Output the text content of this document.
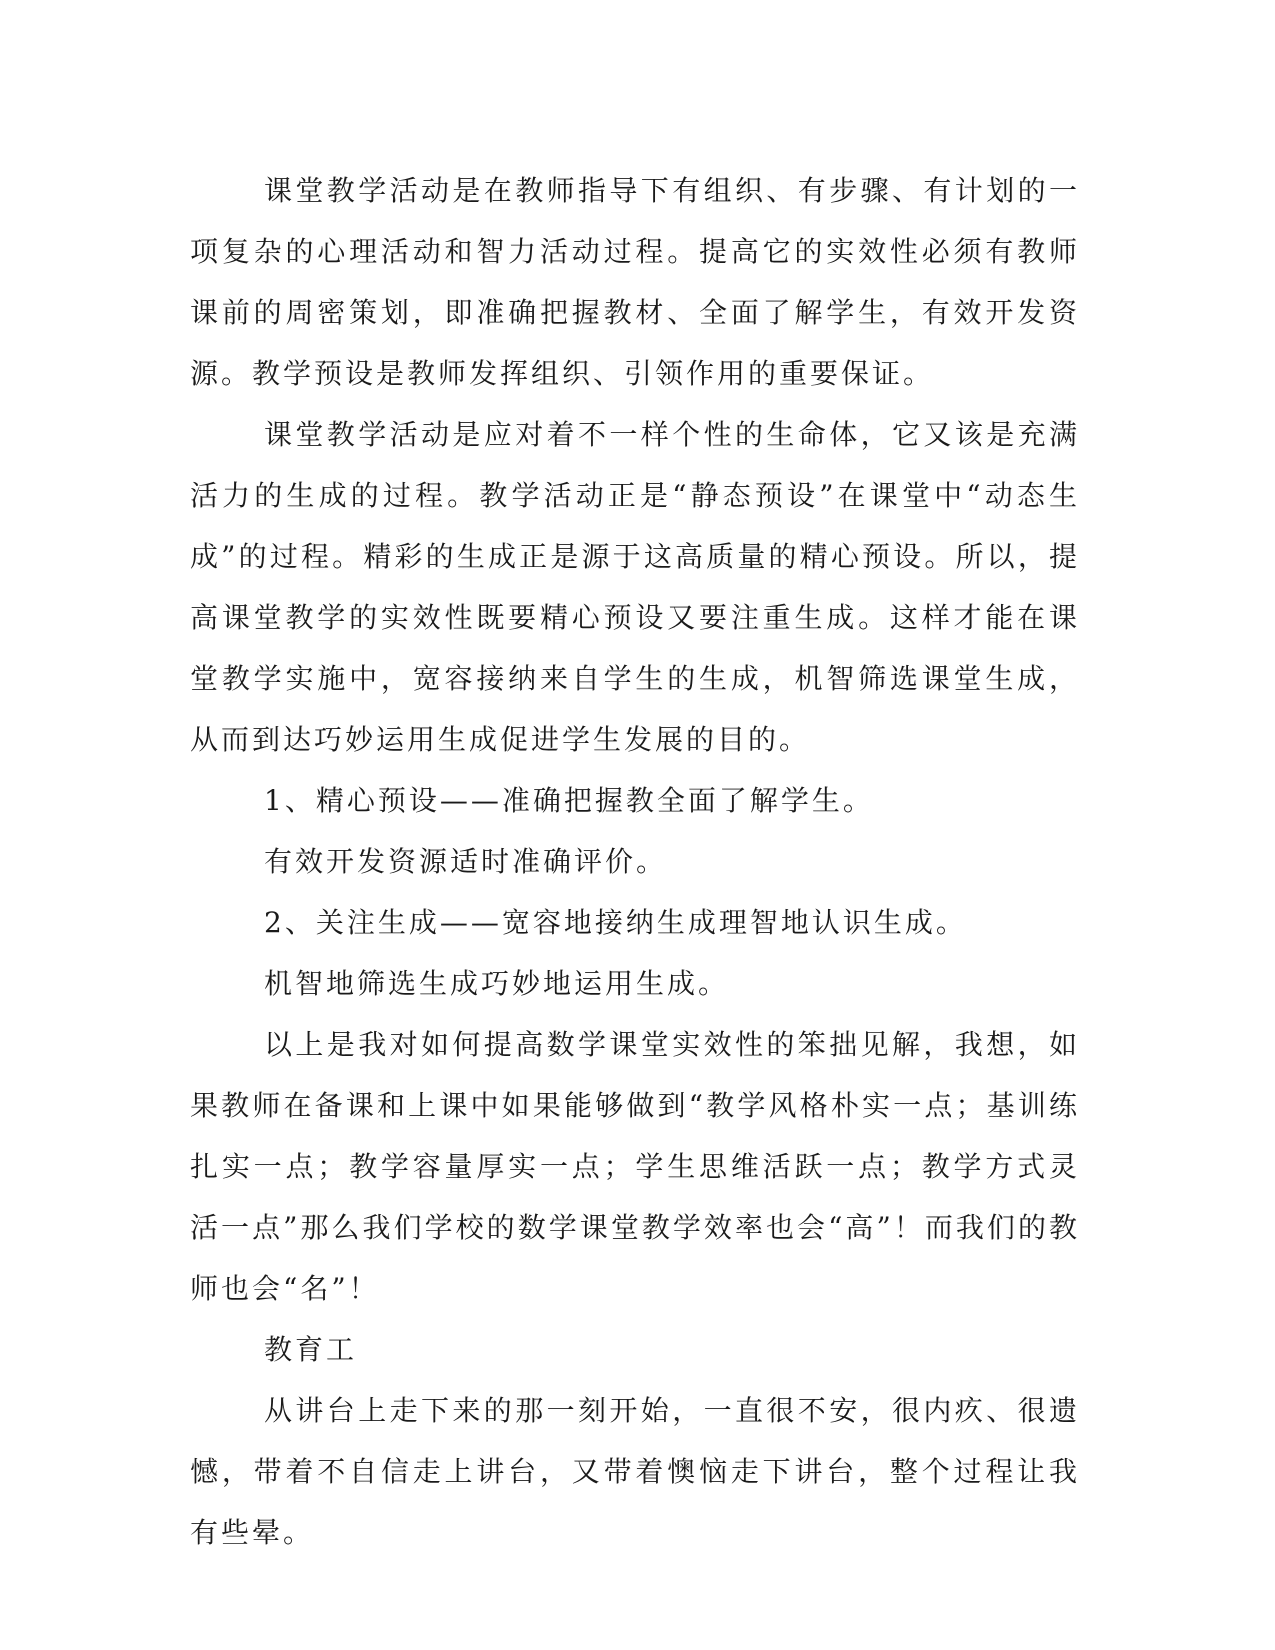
课堂教学活动是在教师指导下有组织、有步骤、有计划的一项复杂的心理活动和智力活动过程。提高它的实效性必须有教师课前的周密策划，即准确把握教材、全面了解学生，有效开发资源。教学预设是教师发挥组织、引领作用的重要保证。

课堂教学活动是应对着不一样个性的生命体，它又该是充满活力的生成的过程。教学活动正是“静态预设”在课堂中“动态生成”的过程。精彩的生成正是源于这高质量的精心预设。所以，提高课堂教学的实效性既要精心预设又要注重生成。这样才能在课堂教学实施中，宽容接纳来自学生的生成，机智筛选课堂生成，从而到达巧妙运用生成促进学生发展的目的。

1、精心预设——准确把握教全面了解学生。

有效开发资源适时准确评价。

2、关注生成——宽容地接纳生成理智地认识生成。

机智地筛选生成巧妙地运用生成。

以上是我对如何提高数学课堂实效性的笨拙见解，我想，如果教师在备课和上课中如果能够做到“教学风格朴实一点；基训练扎实一点；教学容量厚实一点；学生思维活跃一点；教学方式灵活一点”那么我们学校的数学课堂教学效率也会“高”！而我们的教师也会“名”！

教育工

从讲台上走下来的那一刻开始，一直很不安，很内疚、很遗憾，带着不自信走上讲台，又带着懊恼走下讲台，整个过程让我有些晕。
